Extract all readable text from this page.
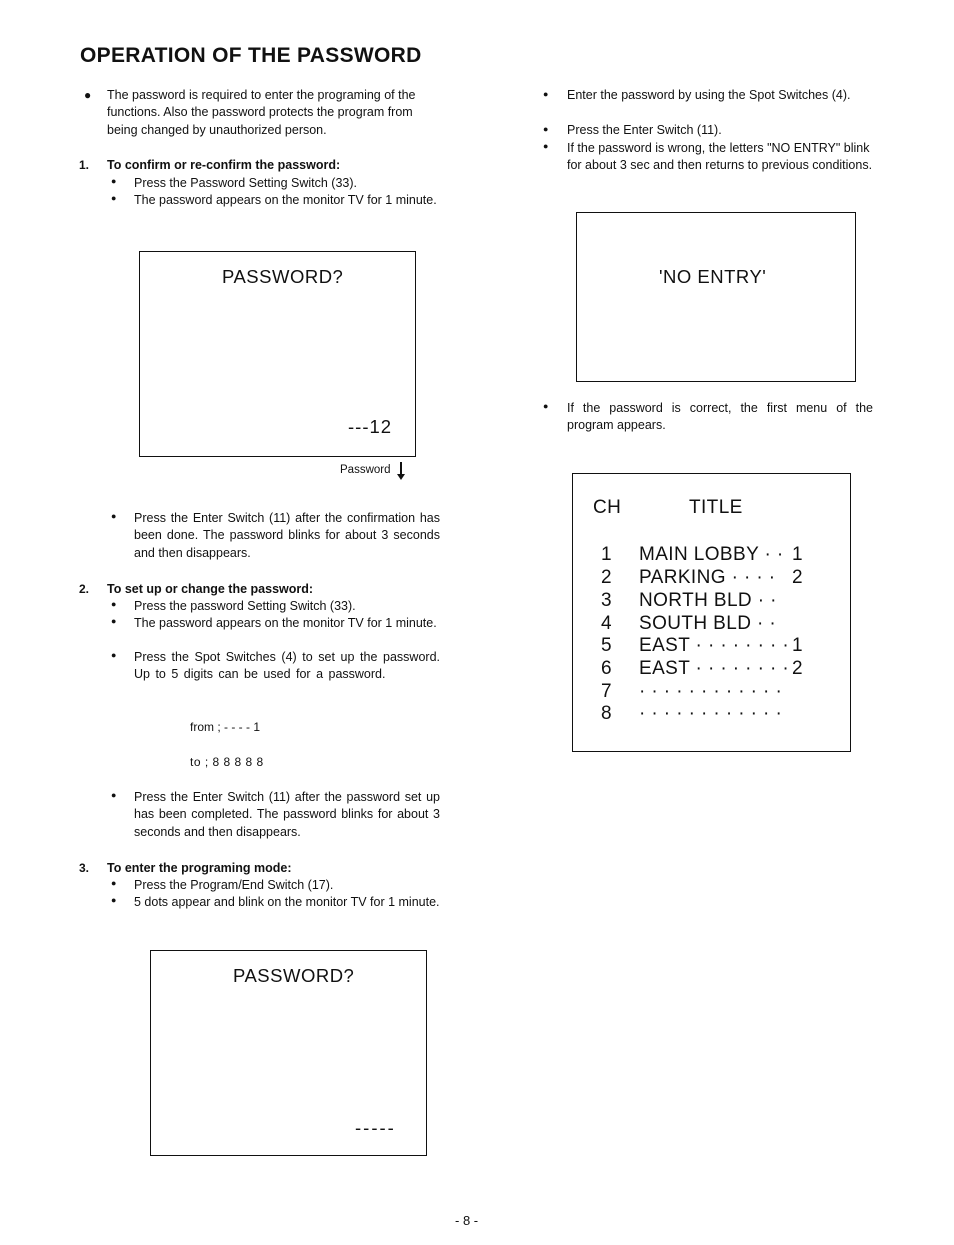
OPERATION OF THE PASSWORD
● The password is required to enter the programing of the functions. Also the password protects the program from being changed by unauthorized person.
1. To confirm or re-confirm the password:
● Press the Password Setting Switch (33).
● The password appears on the monitor TV for 1 minute.
PASSWORD?
---12
Password
● Press the Enter Switch (11) after the confirmation has been done. The password blinks for about 3 seconds and then disappears.
2. To set up or change the password:
● Press the password Setting Switch (33).
● The password appears on the monitor TV for 1 minute.
● Press the Spot Switches (4) to set up the password. Up to 5 digits can be used for a password.
from ; - - - - 1
to ; 8 8 8 8 8
● Press the Enter Switch (11) after the password set up has been completed. The password blinks for about 3 seconds and then disappears.
3. To enter the programing mode:
● Press the Program/End Switch (17).
● 5 dots appear and blink on the monitor TV for 1 minute.
PASSWORD?
-----
● Enter the password by using the Spot Switches (4).
● Press the Enter Switch (11).
● If the password is wrong, the letters "NO ENTRY" blink for about 3 sec and then returns to previous conditions.
'NO ENTRY'
● If the password is correct, the first menu of the program appears.
CH	TITLE
1 MAIN LOBBY · · 1
2 PARKING · · · · 2
3 NORTH BLD · ·
4 SOUTH BLD · ·
5 EAST · · · · · · · · 1
6 EAST · · · · · · · · 2
7 · · · · · · · · · · · ·
8 · · · · · · · · · · · ·
- 8 -
